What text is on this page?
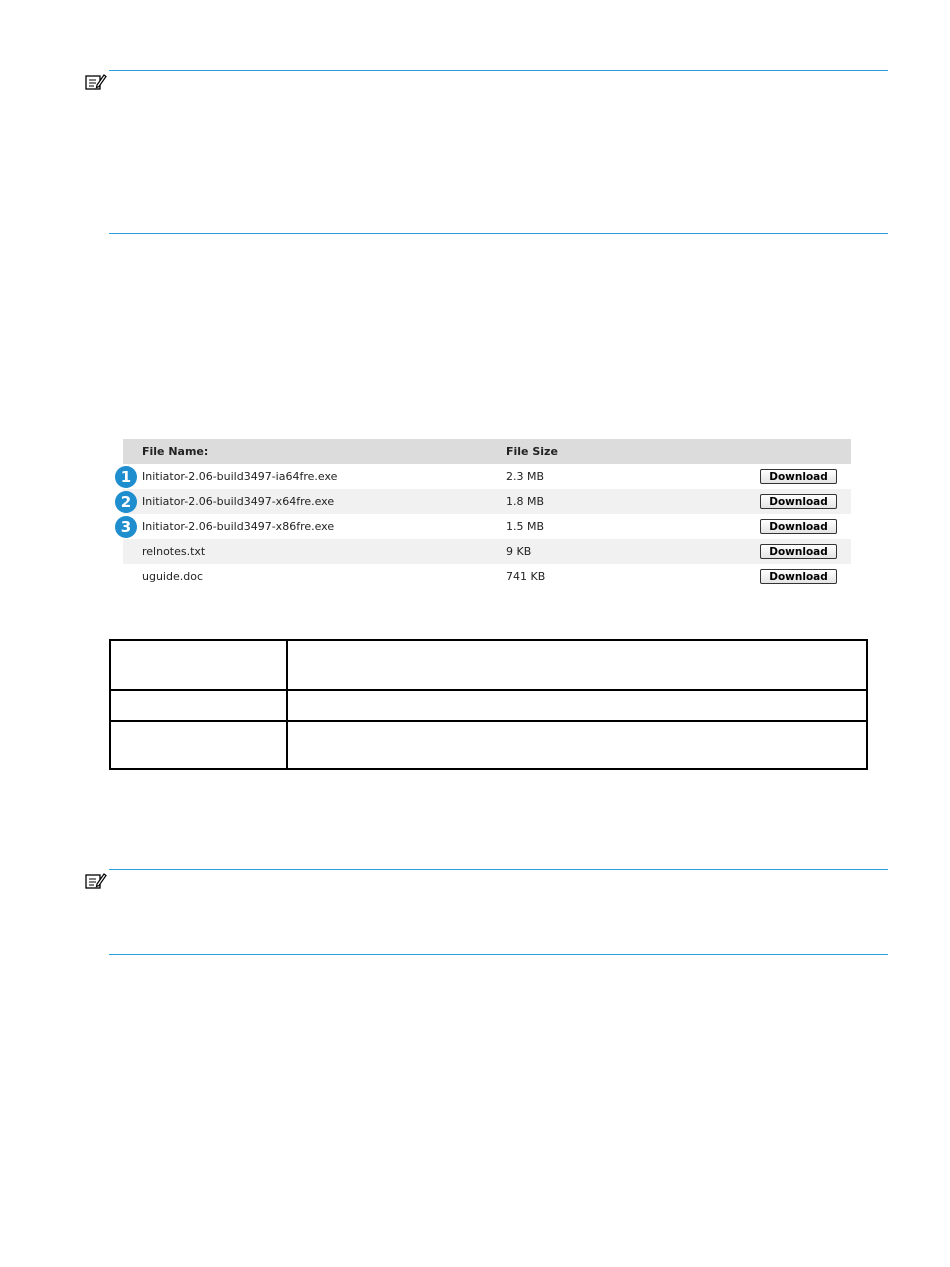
File Name:	File Size
1 Initiator-2.06-build3497-ia64fre.exe	2.3 MB	Download
2 Initiator-2.06-build3497-x64fre.exe	1.8 MB	Download
3 Initiator-2.06-build3497-x86fre.exe	1.5 MB	Download
relnotes.txt	9 KB	Download
uguide.doc	741 KB	Download
